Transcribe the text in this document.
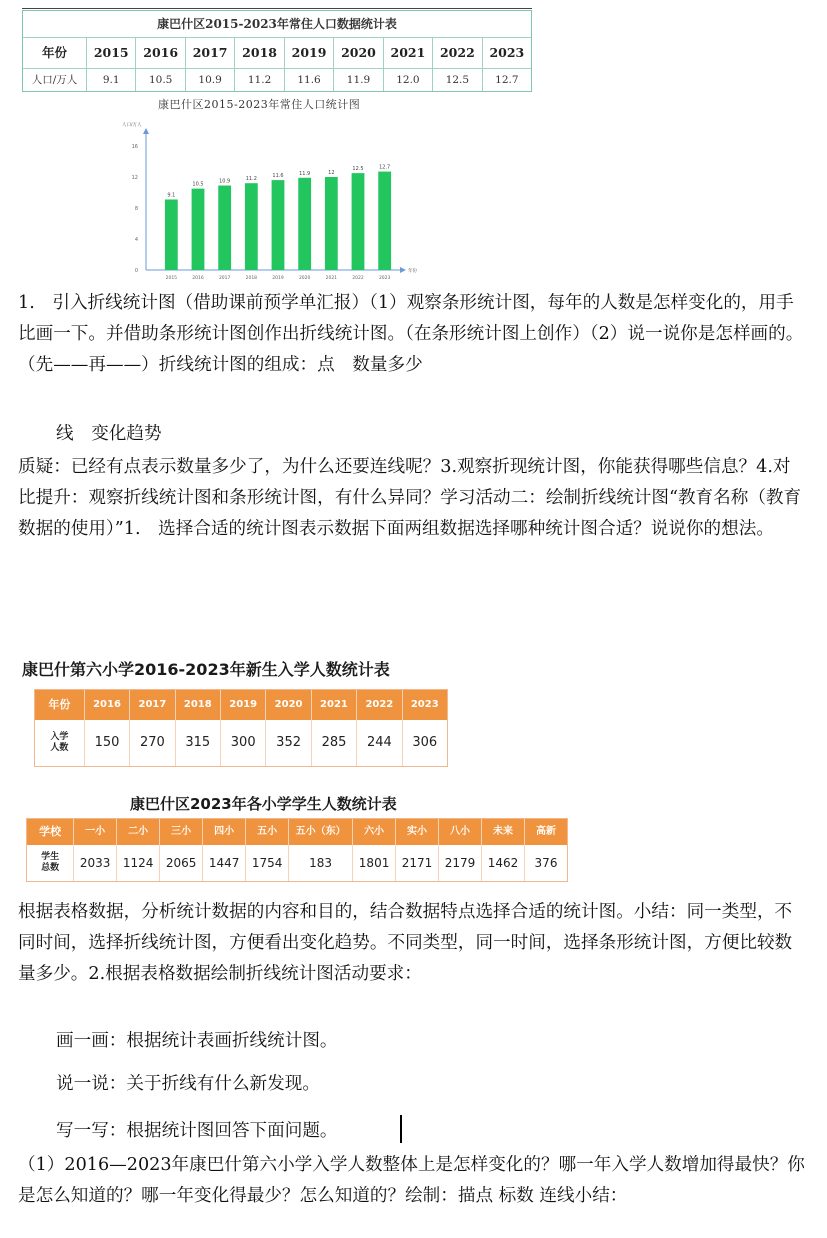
康巴什区2015-2023年常住人口数据统计表
年份	2015	2016	2017	2018	2019	2020	2021	2022	2023
人口/万人	9.1	10.5	10.9	11.2	11.6	11.9	12.0	12.5	12.7
康巴什区2015-2023年常住人口统计图
人口/万人
年份
0
4
8
12
16
9.1
2015
10.5
2016
10.9
2017
11.2
2018
11.6
2019
11.9
2020
12
2021
12.5
2022
12.7
2023
1.　引入折线统计图（借助课前预学单汇报）（1）观察条形统计图，每年的人数是怎样变化的，用手比画一下。并借助条形统计图创作出折线统计图。（在条形统计图上创作）（2）说一说你是怎样画的。（先——再——）折线统计图的组成：点　数量多少
线　变化趋势
质疑：已经有点表示数量多少了，为什么还要连线呢？3.观察折现统计图，你能获得哪些信息？4.对比提升：观察折线统计图和条形统计图，有什么异同？学习活动二：绘制折线统计图“教育名称（教育数据的使用）”1.　选择合适的统计图表示数据下面两组数据选择哪种统计图合适？说说你的想法。
康巴什第六小学2016-2023年新生入学人数统计表
年份	2016	2017	2018	2019	2020	2021	2022	2023
入学人数	150	270	315	300	352	285	244	306
康巴什区2023年各小学学生人数统计表
学校	一小	二小	三小	四小	五小	五小（东）	六小	实小	八小	未来	高新
学生总数	2033	1124	2065	1447	1754	183	1801	2171	2179	1462	376
根据表格数据，分析统计数据的内容和目的，结合数据特点选择合适的统计图。小结：同一类型，不同时间，选择折线统计图，方便看出变化趋势。不同类型，同一时间，选择条形统计图，方便比较数量多少。2.根据表格数据绘制折线统计图活动要求：
画一画：根据统计表画折线统计图。
说一说：关于折线有什么新发现。
写一写：根据统计图回答下面问题。
（1）2016—2023年康巴什第六小学入学人数整体上是怎样变化的？哪一年入学人数增加得最快？你是怎么知道的？哪一年变化得最少？怎么知道的？绘制：描点 标数 连线小结：
